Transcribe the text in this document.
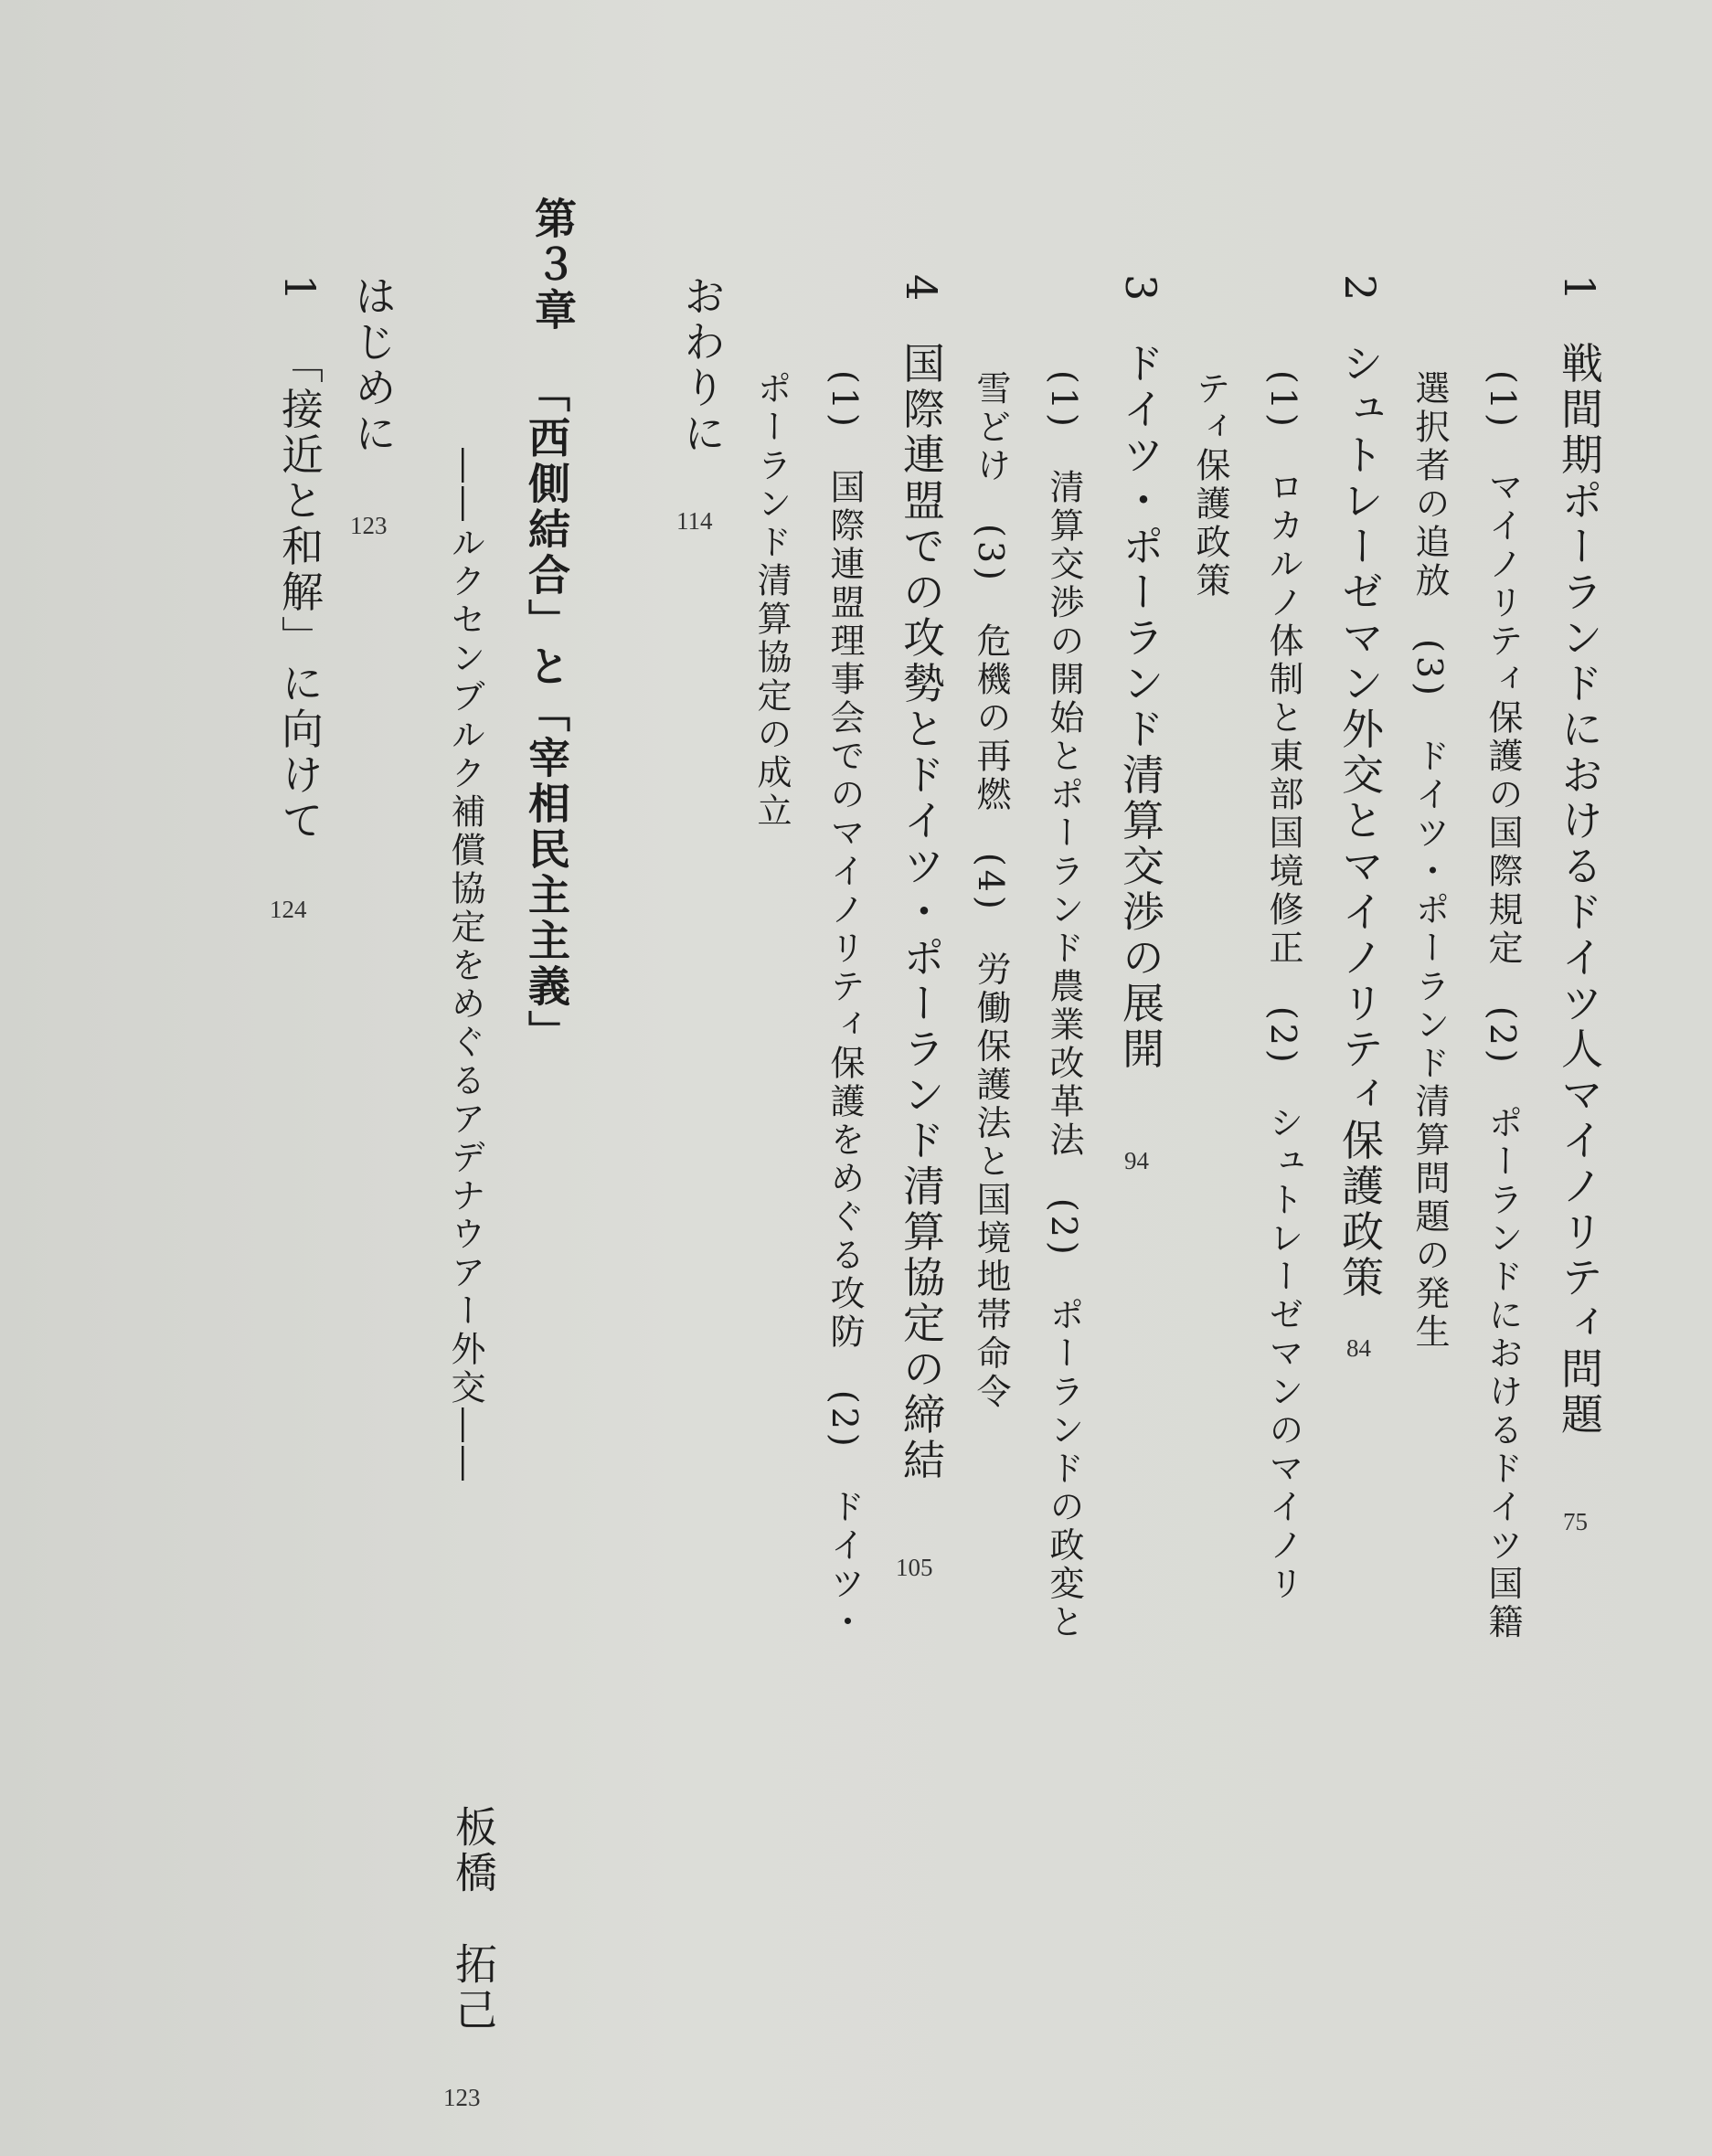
1戦間期ポーランドにおけるドイツ人マイノリティ問題
75
(1)　マイノリティ保護の国際規定　(2)　ポーランドにおけるドイツ国籍
選択者の追放　(3)　ドイツ・ポーランド清算問題の発生
2シュトレーゼマン外交とマイノリティ保護政策
84
(1)　ロカルノ体制と東部国境修正　(2)　シュトレーゼマンのマイノリ
ティ保護政策
3ドイツ・ポーランド清算交渉の展開
94
(1)　清算交渉の開始とポーランド農業改革法　(2)　ポーランドの政変と
雪どけ　(3)　危機の再燃　(4)　労働保護法と国境地帯命令
4国際連盟での攻勢とドイツ・ポーランド清算協定の締結
105
(1)　国際連盟理事会でのマイノリティ保護をめぐる攻防　(2)　ドイツ・
ポーランド清算協定の成立
おわりに
114
第３章
「西側結合」と「宰相民主主義」
――ルクセンブルク補償協定をめぐるアデナウアー外交――
板橋
拓己
123
はじめに
123
1「接近と和解」に向けて
124
